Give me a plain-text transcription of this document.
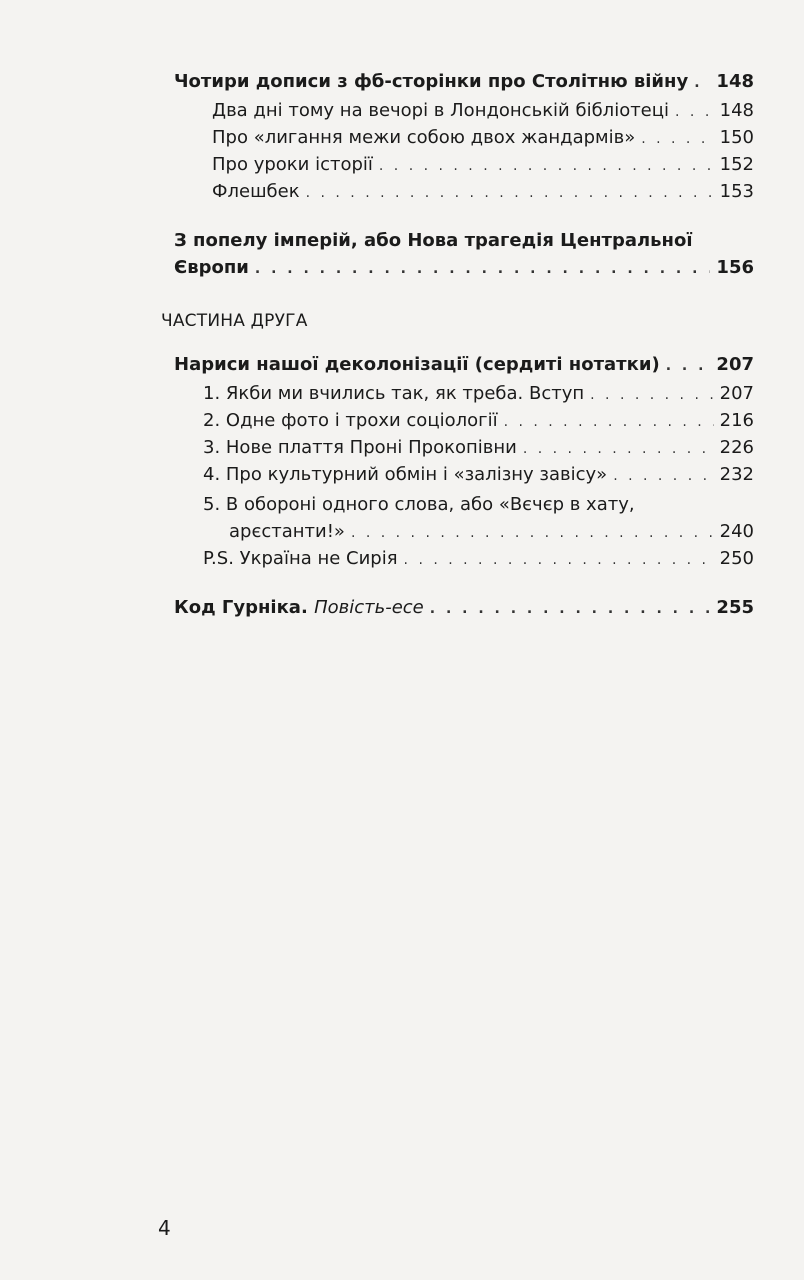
Чотири дописи з фб-сторінки про Столітню війну . . . 148
Два дні тому на вечорі в Лондонській бібліотеці . . .	148
Про «лигання межи собою двох жандармів» . . .	150
Про уроки історії . . .	152
Флешбек . . .	153
З попелу імперій, або Нова трагедія Центральної
Європи . . .	156
ЧАСТИНА ДРУГА
Нариси нашої деколонізації (сердиті нотатки) . . .	207
1. Якби ми вчились так, як треба. Вступ . . .	207
2. Одне фото і трохи соціології . . .	216
3. Нове плаття Проні Прокопівни . . .	226
4. Про культурний обмін і «залізну завісу» . . .	232
5. В обороні одного слова, або «Вєчєр в хату,
арєстанти!» . . .	240
P.S. Україна не Сирія . . .	250
Код Гурніка. Повість-есе . . .	255
4
